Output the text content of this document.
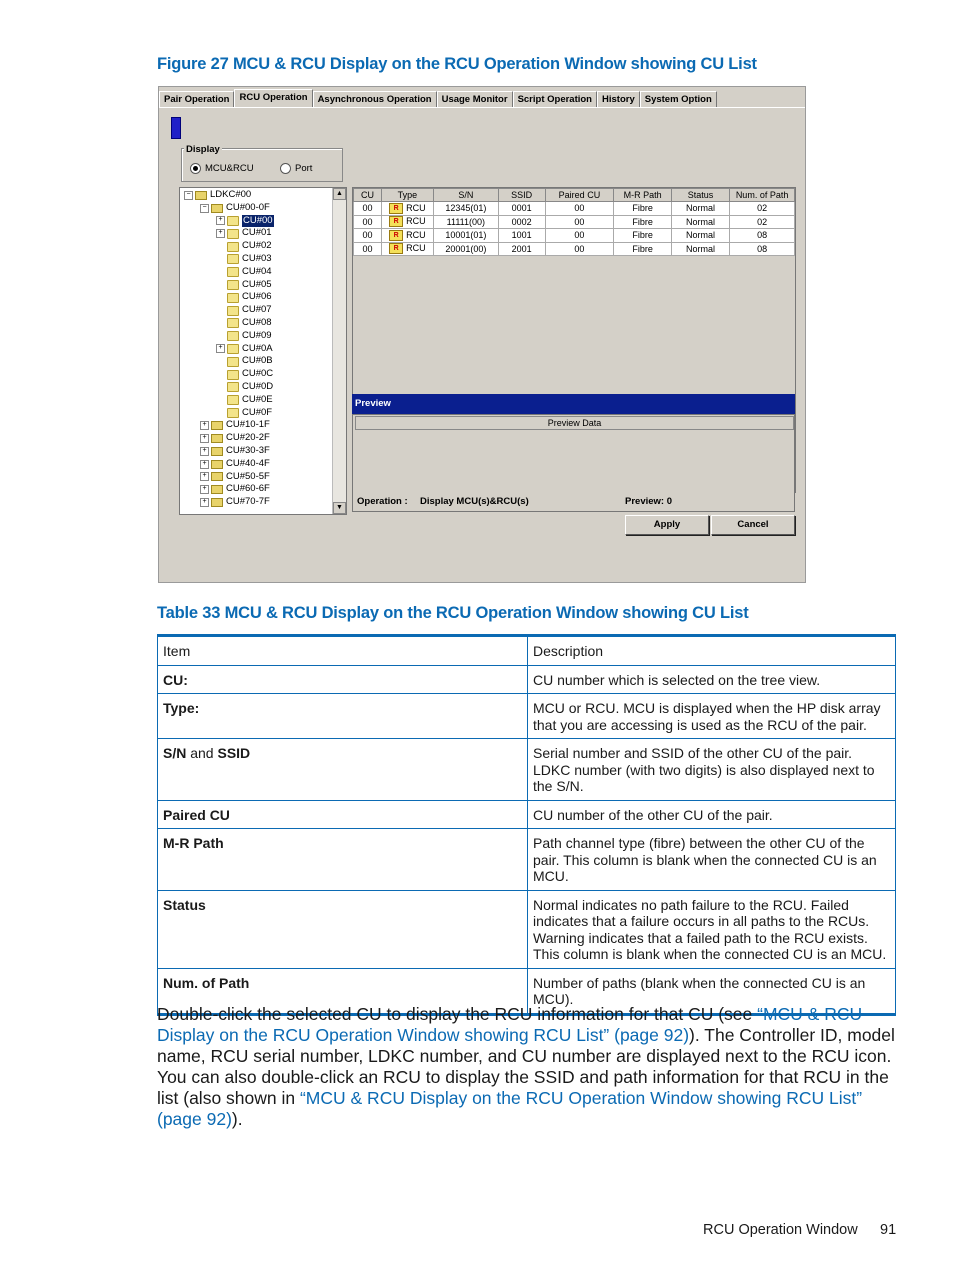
Figure 27 MCU & RCU Display on the RCU Operation Window showing CU List
Pair Operation	RCU Operation	Asynchronous Operation	Usage Monitor	Script Operation	History	System Option
Display
MCU&RCU	Port
▲
▼
− LDKC#00
− CU#00-0F
+ CU#00
+ CU#01
CU#02
CU#03
CU#04
CU#05
CU#06
CU#07
CU#08
CU#09
+ CU#0A
CU#0B
CU#0C
CU#0D
CU#0E
CU#0F
+ CU#10-1F
+ CU#20-2F
+ CU#30-3F
+ CU#40-4F
+ CU#50-5F
+ CU#60-6F
+ CU#70-7F
CU	Type	S/N	SSID	Paired CU	M-R Path	Status	Num. of Path
00	R RCU	12345(01)	0001	00	Fibre	Normal	02
00	R RCU	11111(00)	0002	00	Fibre	Normal	02
00	R RCU	10001(01)	1001	00	Fibre	Normal	08
00	R RCU	20001(00)	2001	00	Fibre	Normal	08
Preview
Preview Data
Operation : Display MCU(s)&RCU(s)	Preview: 0
Apply	Cancel
Table 33 MCU & RCU Display on the RCU Operation Window showing CU List
Item	Description
CU:	CU number which is selected on the tree view.
Type:	MCU or RCU. MCU is displayed when the HP disk array that you are accessing is used as the RCU of the pair.
S/N and SSID	Serial number and SSID of the other CU of the pair. LDKC number (with two digits) is also displayed next to the S/N.
Paired CU	CU number of the other CU of the pair.
M-R Path	Path channel type (fibre) between the other CU of the pair. This column is blank when the connected CU is an MCU.
Status	Normal indicates no path failure to the RCU. Failed indicates that a failure occurs in all paths to the RCUs. Warning indicates that a failed path to the RCU exists. This column is blank when the connected CU is an MCU.
Num. of Path	Number of paths (blank when the connected CU is an MCU).
Double-click the selected CU to display the RCU information for that CU (see “MCU & RCU Display on the RCU Operation Window showing RCU List” (page 92)). The Controller ID, model name, RCU serial number, LDKC number, and CU number are displayed next to the RCU icon. You can also double-click an RCU to display the SSID and path information for that RCU in the list (also shown in “MCU & RCU Display on the RCU Operation Window showing RCU List” (page 92)).
RCU Operation Window 91
